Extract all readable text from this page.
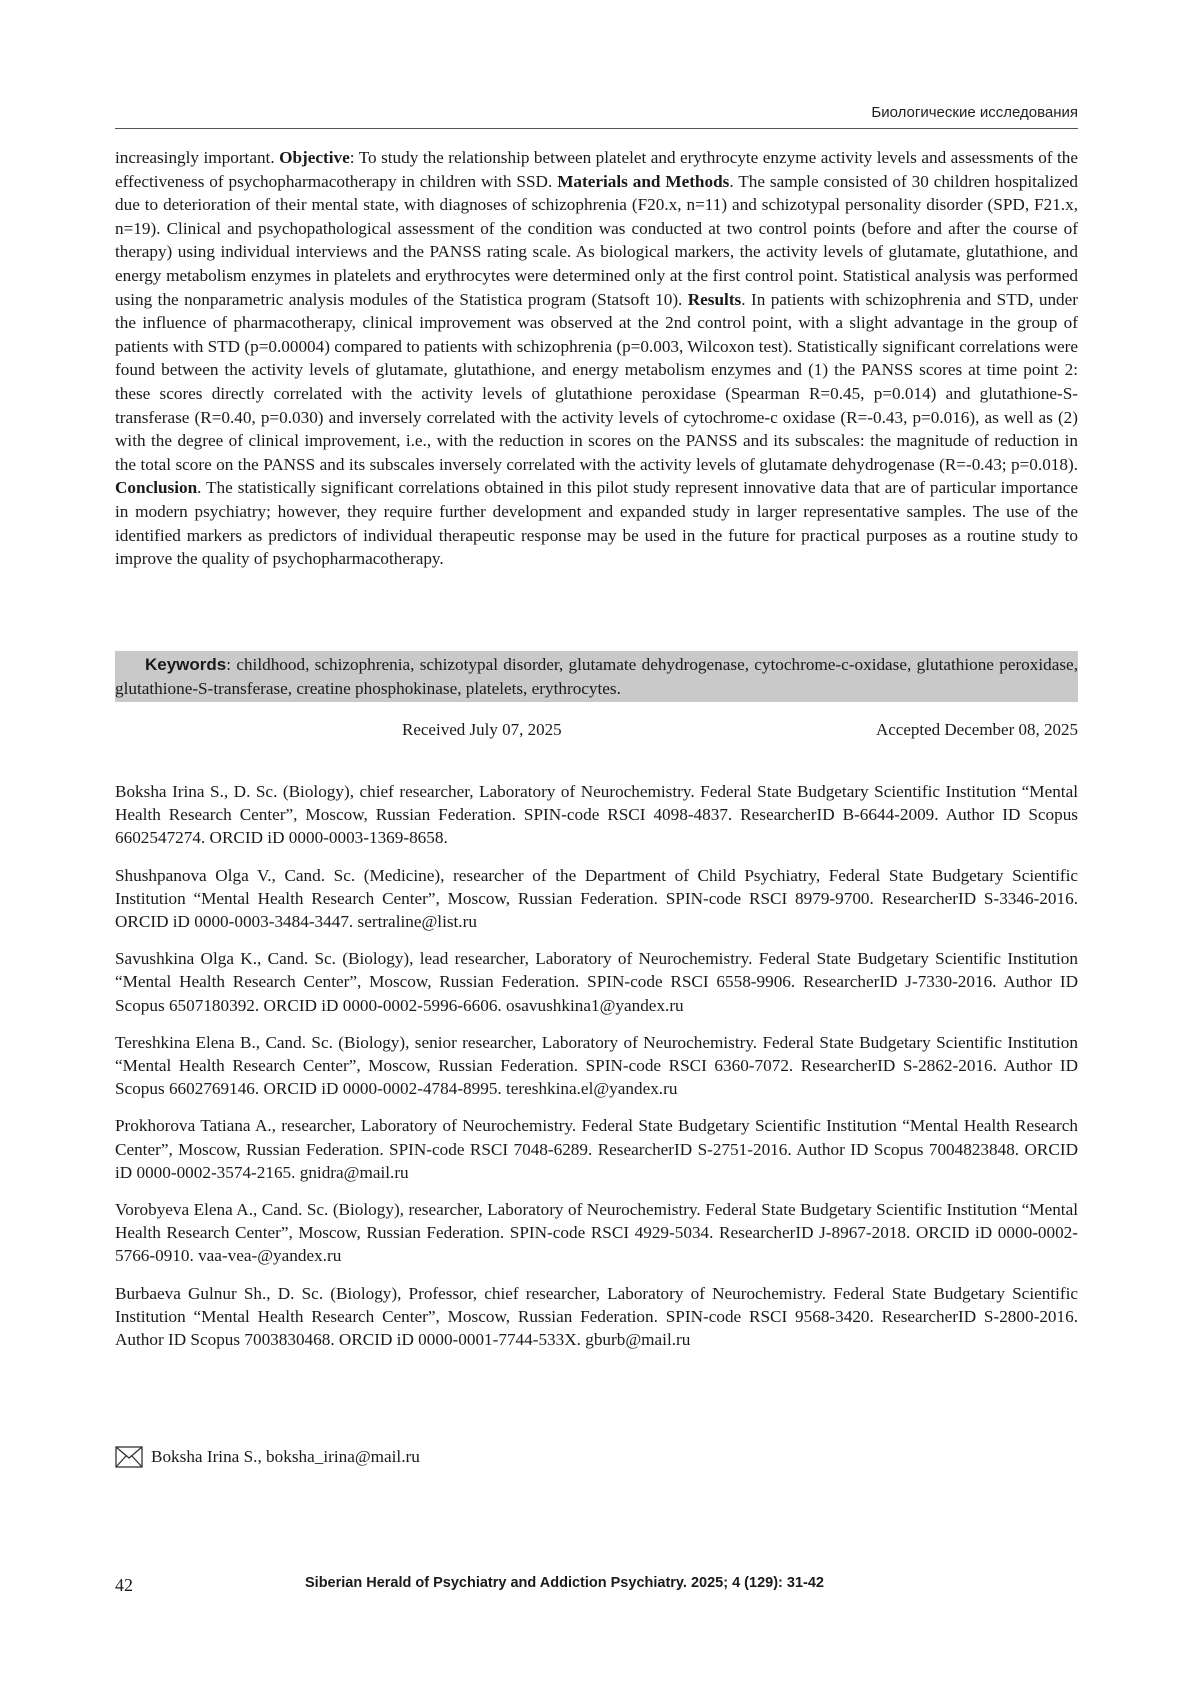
Биологические исследования

increasingly important. Objective: To study the relationship between platelet and erythrocyte enzyme activity levels and assessments of the effectiveness of psychopharmacotherapy in children with SSD. Materials and Methods. The sample consisted of 30 children hospitalized due to deterioration of their mental state, with diagnoses of schizophrenia (F20.x, n=11) and schizotypal personality disorder (SPD, F21.x, n=19). Clinical and psychopathological assessment of the condition was conducted at two control points (before and after the course of therapy) using individual interviews and the PANSS rating scale. As biological markers, the activity levels of glutamate, glutathione, and energy metabolism enzymes in platelets and erythrocytes were determined only at the first control point. Statistical analysis was performed using the nonparametric analysis modules of the Statistica program (Statsoft 10). Results. In patients with schizophrenia and STD, under the influence of pharmacotherapy, clinical improvement was observed at the 2nd control point, with a slight advantage in the group of patients with STD (p=0.00004) compared to patients with schizophrenia (p=0.003, Wilcoxon test). Statistically significant correlations were found between the activity levels of glutamate, glutathione, and energy metabolism enzymes and (1) the PANSS scores at time point 2: these scores directly correlated with the activity levels of glutathione peroxidase (Spearman R=0.45, p=0.014) and glutathione-S-transferase (R=0.40, p=0.030) and inversely correlated with the activity levels of cytochrome-c oxidase (R=-0.43, p=0.016), as well as (2) with the degree of clinical improvement, i.e., with the reduction in scores on the PANSS and its subscales: the magnitude of reduction in the total score on the PANSS and its subscales inversely correlated with the activity levels of glutamate dehydrogenase (R=-0.43; p=0.018). Conclusion. The statistically significant correlations obtained in this pilot study represent innovative data that are of particular importance in modern psychiatry; however, they require further development and expanded study in larger representative samples. The use of the identified markers as predictors of individual therapeutic response may be used in the future for practical purposes as a routine study to improve the quality of psychopharmacotherapy.

Keywords: childhood, schizophrenia, schizotypal disorder, glutamate dehydrogenase, cytochrome-c-oxidase, glutathione peroxidase, glutathione-S-transferase, creatine phosphokinase, platelets, erythrocytes.

Received July 07, 2025	Accepted December 08, 2025

Boksha Irina S., D. Sc. (Biology), chief researcher, Laboratory of Neurochemistry. Federal State Budgetary Scientific Institution “Mental Health Research Center”, Moscow, Russian Federation. SPIN-code RSCI 4098-4837. ResearcherID B-6644-2009. Author ID Scopus 6602547274. ORCID iD 0000-0003-1369-8658.

Shushpanova Olga V., Cand. Sc. (Medicine), researcher of the Department of Child Psychiatry, Federal State Budgetary Scientific Institution “Mental Health Research Center”, Moscow, Russian Federation. SPIN-code RSCI 8979-9700. ResearcherID S-3346-2016. ORCID iD 0000-0003-3484-3447. sertraline@list.ru

Savushkina Olga K., Cand. Sc. (Biology), lead researcher, Laboratory of Neurochemistry. Federal State Budgetary Scientific Institution “Mental Health Research Center”, Moscow, Russian Federation. SPIN-code RSCI 6558-9906. ResearcherID J-7330-2016. Author ID Scopus 6507180392. ORCID iD 0000-0002-5996-6606. osavushkina1@yandex.ru

Tereshkina Elena B., Cand. Sc. (Biology), senior researcher, Laboratory of Neurochemistry. Federal State Budgetary Scientific Institution “Mental Health Research Center”, Moscow, Russian Federation. SPIN-code RSCI 6360-7072. ResearcherID S-2862-2016. Author ID Scopus 6602769146. ORCID iD 0000-0002-4784-8995. tereshkina.el@yandex.ru

Prokhorova Tatiana A., researcher, Laboratory of Neurochemistry. Federal State Budgetary Scientific Institution “Mental Health Research Center”, Moscow, Russian Federation. SPIN-code RSCI 7048-6289. ResearcherID S-2751-2016. Author ID Scopus 7004823848. ORCID iD 0000-0002-3574-2165. gnidra@mail.ru

Vorobyeva Elena A., Cand. Sc. (Biology), researcher, Laboratory of Neurochemistry. Federal State Budgetary Scientific Institution “Mental Health Research Center”, Moscow, Russian Federation. SPIN-code RSCI 4929-5034. ResearcherID J-8967-2018. ORCID iD 0000-0002-5766-0910. vaa-vea-@yandex.ru

Burbaeva Gulnur Sh., D. Sc. (Biology), Professor, chief researcher, Laboratory of Neurochemistry. Federal State Budgetary Scientific Institution “Mental Health Research Center”, Moscow, Russian Federation. SPIN-code RSCI 9568-3420. ResearcherID S-2800-2016. Author ID Scopus 7003830468. ORCID iD 0000-0001-7744-533X. gburb@mail.ru

Boksha Irina S., boksha_irina@mail.ru
42	Siberian Herald of Psychiatry and Addiction Psychiatry. 2025; 4 (129): 31-42
